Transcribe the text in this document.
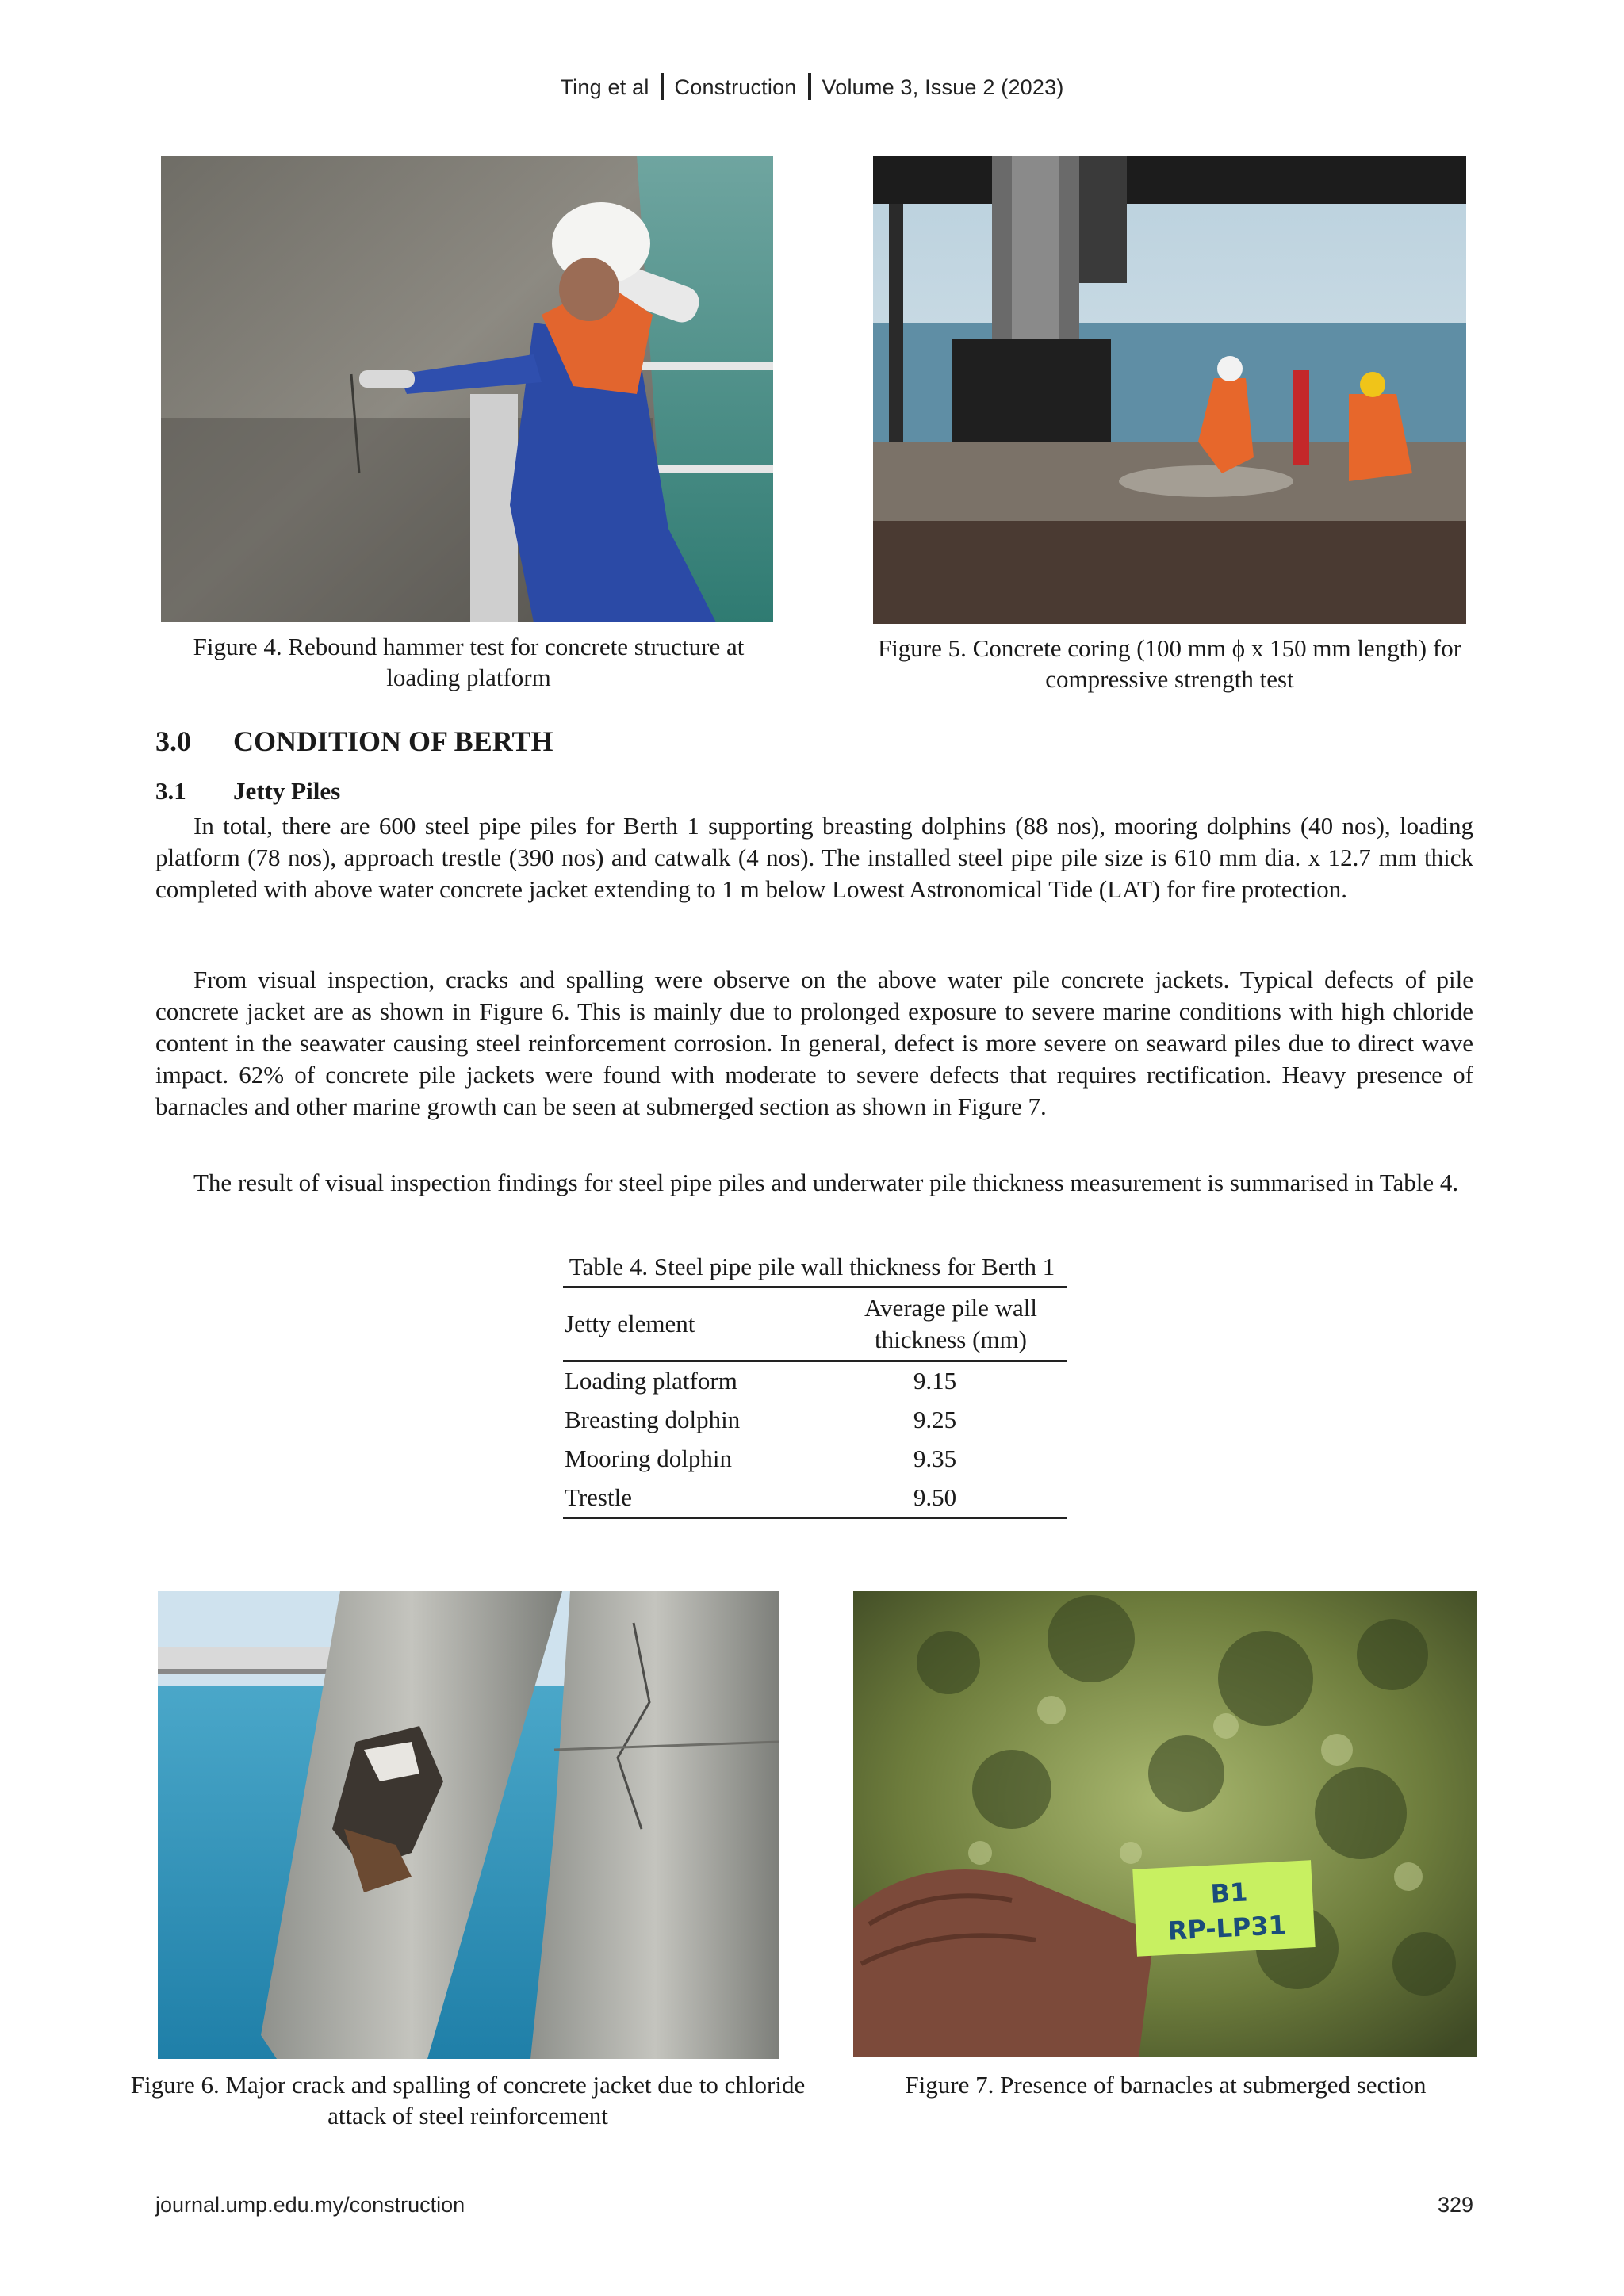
Ting et al Construction Volume 3, Issue 2 (2023)
Figure 4. Rebound hammer test for concrete structure at loading platform
Figure 5. Concrete coring (100 mm ϕ x 150 mm length) for compressive strength test
3.0 CONDITION OF BERTH
3.1 Jetty Piles

In total, there are 600 steel pipe piles for Berth 1 supporting breasting dolphins (88 nos), mooring dolphins (40 nos), loading platform (78 nos), approach trestle (390 nos) and catwalk (4 nos). The installed steel pipe pile size is 610 mm dia. x 12.7 mm thick completed with above water concrete jacket extending to 1 m below Lowest Astronomical Tide (LAT) for fire protection.

From visual inspection, cracks and spalling were observe on the above water pile concrete jackets. Typical defects of pile concrete jacket are as shown in Figure 6. This is mainly due to prolonged exposure to severe marine conditions with high chloride content in the seawater causing steel reinforcement corrosion. In general, defect is more severe on seaward piles due to direct wave impact. 62% of concrete pile jackets were found with moderate to severe defects that requires rectification. Heavy presence of barnacles and other marine growth can be seen at submerged section as shown in Figure 7.

The result of visual inspection findings for steel pipe piles and underwater pile thickness measurement is summarised in Table 4.

Table 4. Steel pipe pile wall thickness for Berth 1
Jetty element	Average pile wall thickness (mm)
Loading platform	9.15
Breasting dolphin	9.25
Mooring dolphin	9.35
Trestle	9.50
B1
RP-LP31
Figure 6. Major crack and spalling of concrete jacket due to chloride attack of steel reinforcement
Figure 7. Presence of barnacles at submerged section
journal.ump.edu.my/construction	329
